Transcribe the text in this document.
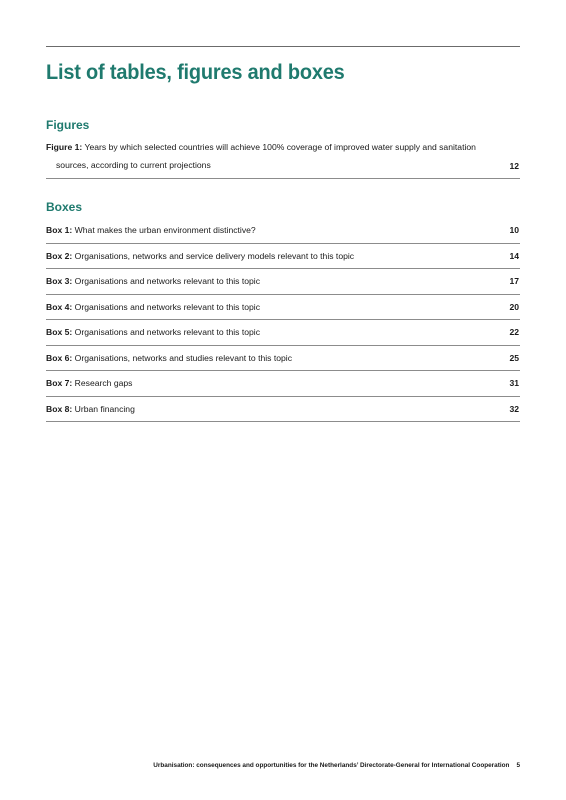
List of tables, figures and boxes
Figures
Figure 1: Years by which selected countries will achieve 100% coverage of improved water supply and sanitation
sources, according to current projections	12
Boxes
Box 1: What makes the urban environment distinctive?	10
Box 2: Organisations, networks and service delivery models relevant to this topic	14
Box 3: Organisations and networks relevant to this topic	17
Box 4: Organisations and networks relevant to this topic	20
Box 5: Organisations and networks relevant to this topic	22
Box 6: Organisations, networks and studies relevant to this topic	25
Box 7: Research gaps	31
Box 8: Urban financing	32
Urbanisation: consequences and opportunities for the Netherlands’ Directorate-General for International Cooperation 5
